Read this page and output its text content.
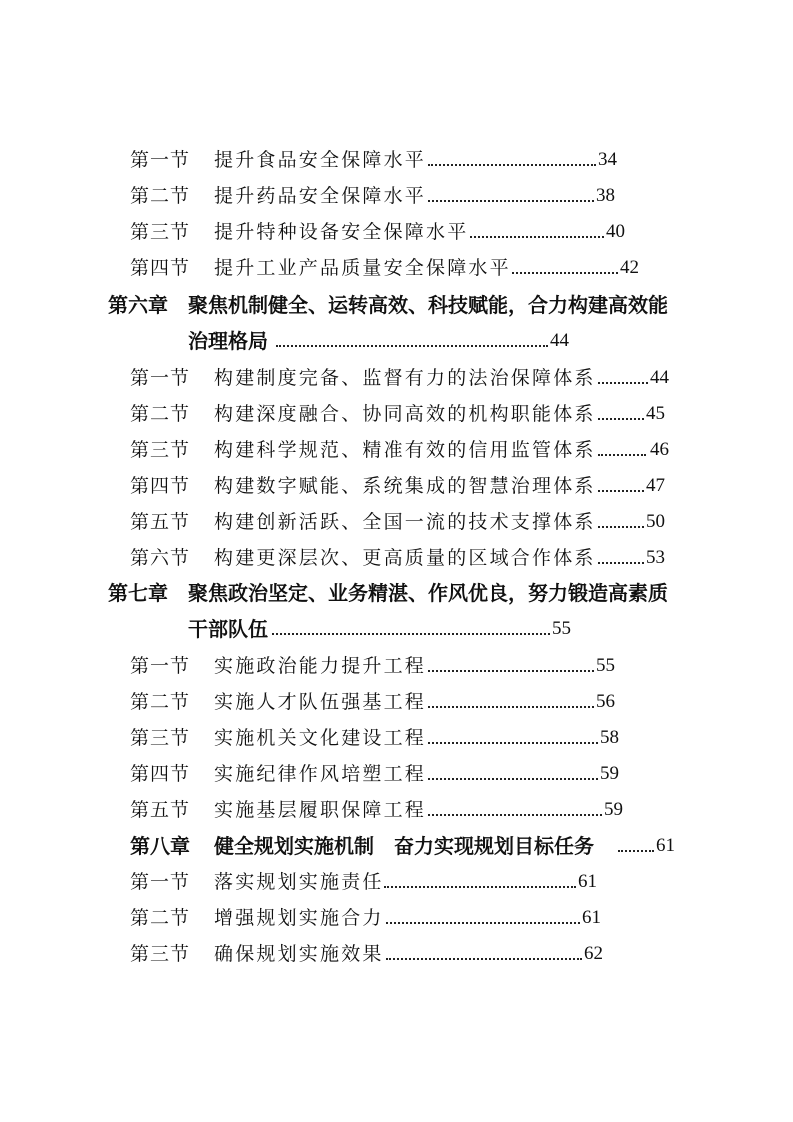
第一节 提升食品安全保障水平	34
第二节 提升药品安全保障水平	38
第三节 提升特种设备安全保障水平	40
第四节 提升工业产品质量安全保障水平	42
第六章 聚焦机制健全、运转高效、科技赋能，合力构建高效能
治理格局	44
第一节 构建制度完备、监督有力的法治保障体系	44
第二节 构建深度融合、协同高效的机构职能体系	45
第三节 构建科学规范、精准有效的信用监管体系	46
第四节 构建数字赋能、系统集成的智慧治理体系	47
第五节 构建创新活跃、全国一流的技术支撑体系	50
第六节 构建更深层次、更高质量的区域合作体系	53
第七章 聚焦政治坚定、业务精湛、作风优良，努力锻造高素质
干部队伍	55
第一节 实施政治能力提升工程	55
第二节 实施人才队伍强基工程	56
第三节 实施机关文化建设工程	58
第四节 实施纪律作风培塑工程	59
第五节 实施基层履职保障工程	59
第八章 健全规划实施机制　奋力实现规划目标任务	61
第一节 落实规划实施责任	61
第二节 增强规划实施合力	61
第三节 确保规划实施效果	62
